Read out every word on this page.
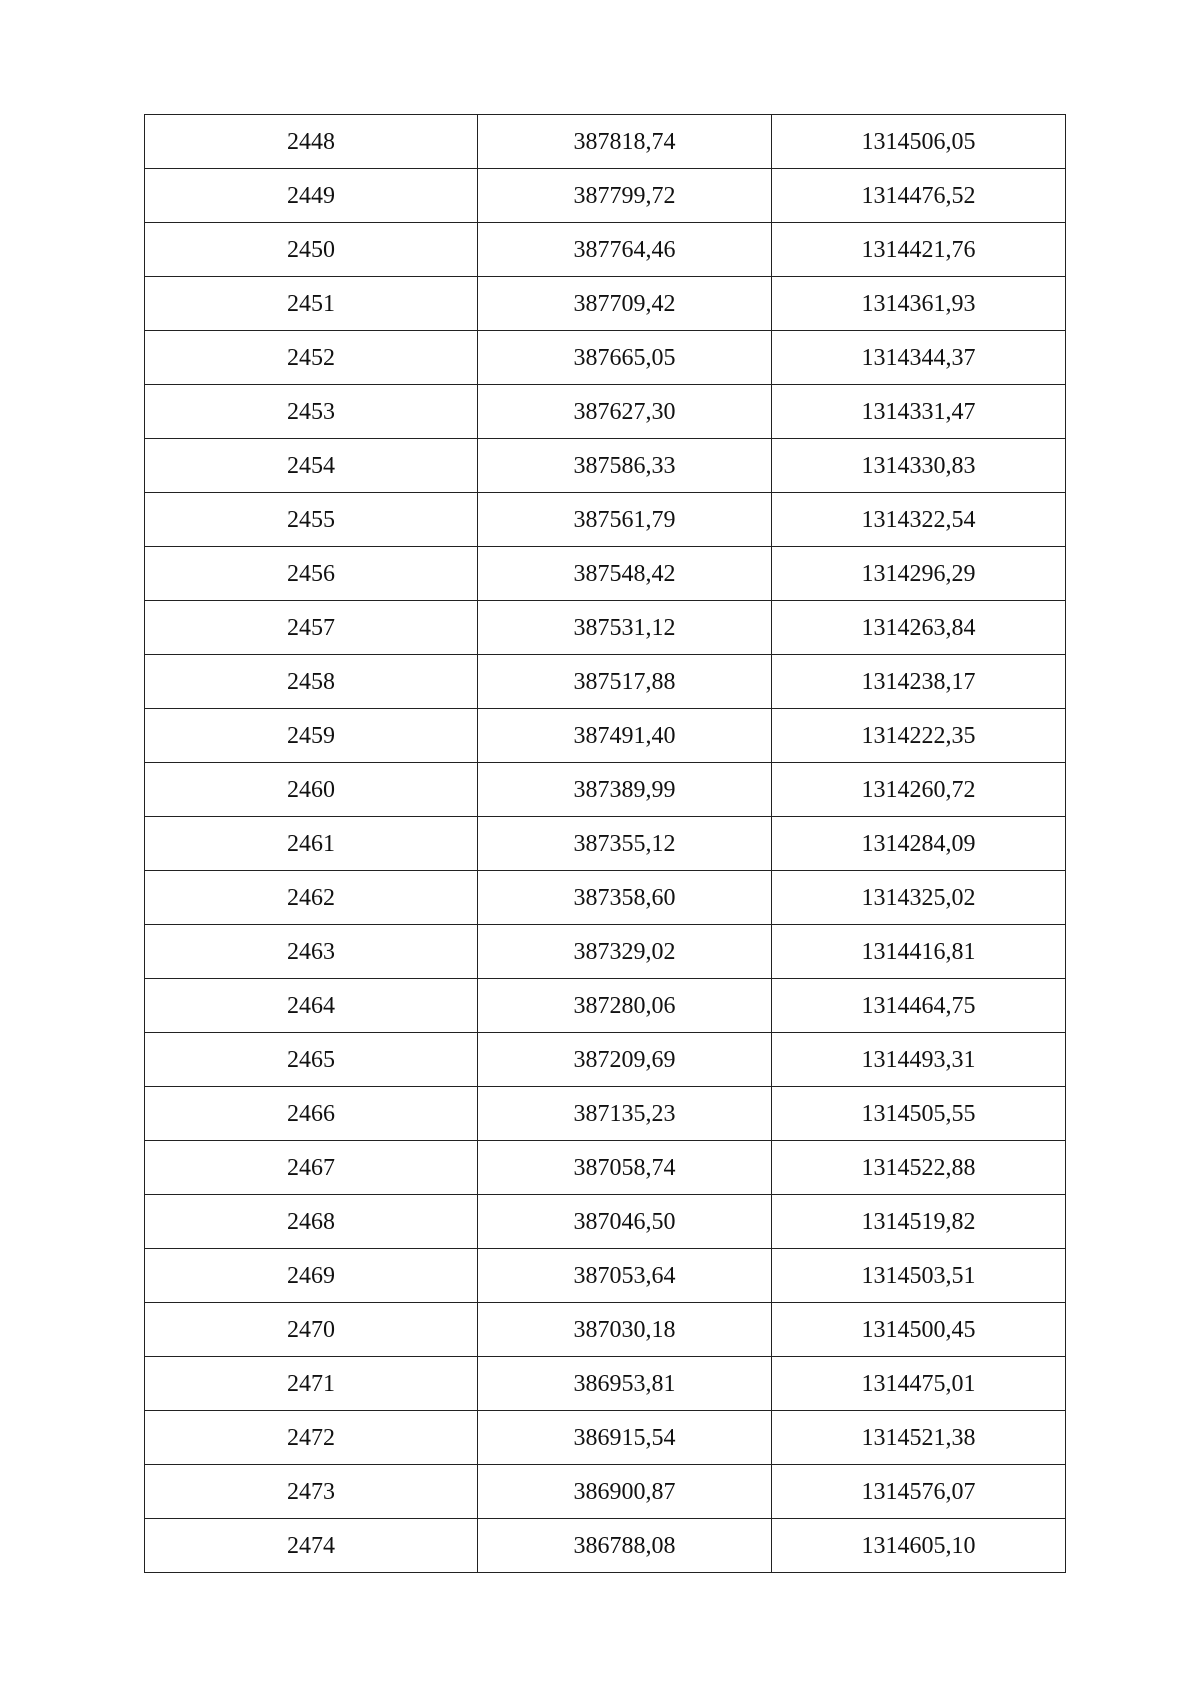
2448	387818,74	1314506,05
2449	387799,72	1314476,52
2450	387764,46	1314421,76
2451	387709,42	1314361,93
2452	387665,05	1314344,37
2453	387627,30	1314331,47
2454	387586,33	1314330,83
2455	387561,79	1314322,54
2456	387548,42	1314296,29
2457	387531,12	1314263,84
2458	387517,88	1314238,17
2459	387491,40	1314222,35
2460	387389,99	1314260,72
2461	387355,12	1314284,09
2462	387358,60	1314325,02
2463	387329,02	1314416,81
2464	387280,06	1314464,75
2465	387209,69	1314493,31
2466	387135,23	1314505,55
2467	387058,74	1314522,88
2468	387046,50	1314519,82
2469	387053,64	1314503,51
2470	387030,18	1314500,45
2471	386953,81	1314475,01
2472	386915,54	1314521,38
2473	386900,87	1314576,07
2474	386788,08	1314605,10
